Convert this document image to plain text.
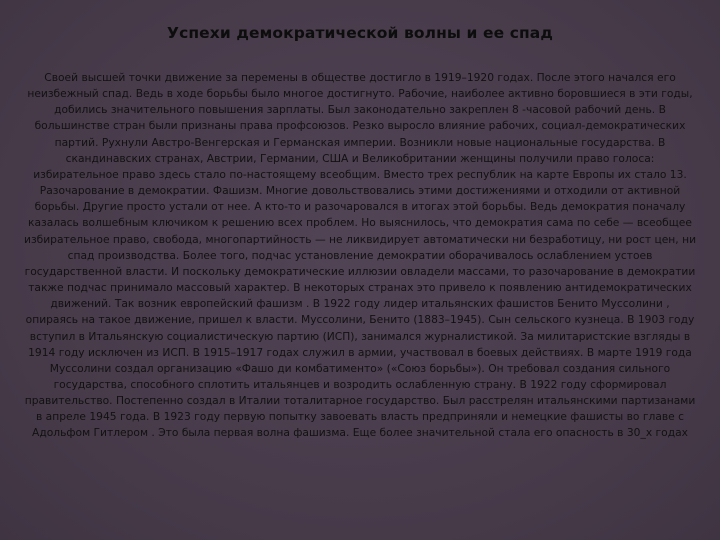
Успехи демократической волны и ее спад

Своей высшей точки движение за перемены в обществе достигло в 1919–1920 годах. После этого начался его неизбежный спад. Ведь в ходе борьбы было многое достигнуто. Рабочие, наиболее активно боровшиеся в эти годы, добились значительного повышения зарплаты. Был законодательно закреплен 8 -часовой рабочий день. В большинстве стран были признаны права профсоюзов. Резко выросло влияние рабочих, социал-демократических партий. Рухнули Австро-Венгерская и Германская империи. Возникли новые национальные государства. В скандинавских странах, Австрии, Германии, США и Великобритании женщины получили право голоса: избирательное право здесь стало по-настоящему всеобщим. Вместо трех республик на карте Европы их стало 13. Разочарование в демократии. Фашизм. Многие довольствовались этими достижениями и отходили от активной борьбы. Другие просто устали от нее. А кто-то и разочаровался в итогах этой борьбы. Ведь демократия поначалу казалась волшебным ключиком к решению всех проблем. Но выяснилось, что демократия сама по себе — всеобщее избирательное право, свобода, многопартийность — не ликвидирует автоматически ни безработицу, ни рост цен, ни спад производства. Более того, подчас установление демократии оборачивалось ослаблением устоев государственной власти. И поскольку демократические иллюзии овладели массами, то разочарование в демократии также подчас принимало массовый характер. В некоторых странах это привело к появлению антидемократических движений. Так возник европейский фашизм . В 1922 году лидер итальянских фашистов Бенито Муссолини , опираясь на такое движение, пришел к власти. Муссолини, Бенито (1883–1945). Сын сельского кузнеца. В 1903 году вступил в Итальянскую социалистическую партию (ИСП), занимался журналистикой. За милитаристские взгляды в 1914 году исключен из ИСП. В 1915–1917 годах служил в армии, участвовал в боевых действиях. В марте 1919 года Муссолини создал организацию «Фашо ди комбатименто» («Союз борьбы»). Он требовал создания сильного государства, способного сплотить итальянцев и возродить ослабленную страну. В 1922 году сформировал правительство. Постепенно создал в Италии тоталитарное государство. Был расстрелян итальянскими партизанами в апреле 1945 года. В 1923 году первую попытку завоевать власть предприняли и немецкие фашисты во главе с Адольфом Гитлером . Это была первая волна фашизма. Еще более значительной стала его опасность в 30_х годах
